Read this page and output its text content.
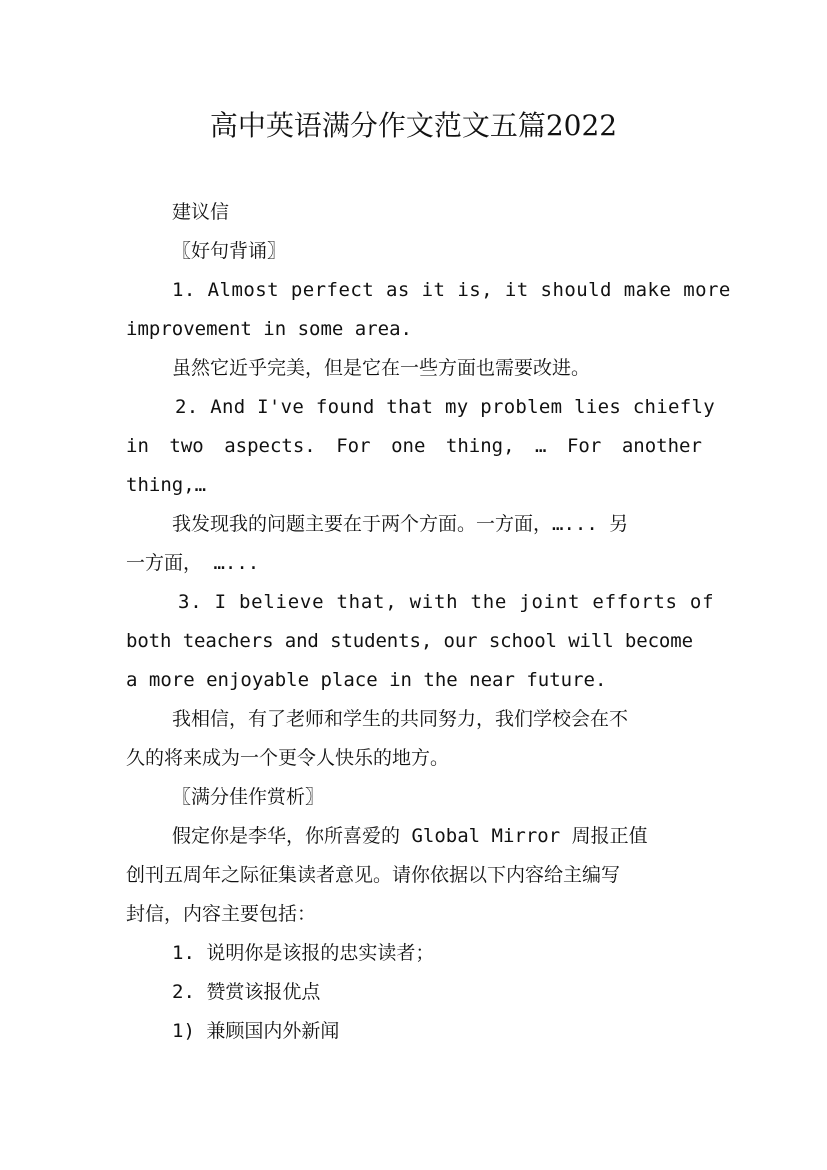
高中英语满分作文范文五篇2022
建议信
〖好句背诵〗
1. Almost perfect as it is, it should make more
improvement in some area.
虽然它近乎完美，但是它在一些方面也需要改进。
2. And I've found that my problem lies chiefly
in two aspects. For one thing, … For another
thing,…
我发现我的问题主要在于两个方面。一方面，…... 另
一方面， …...
3. I believe that, with the joint efforts of
both teachers and students, our school will become
a more enjoyable place in the near future.
我相信，有了老师和学生的共同努力，我们学校会在不
久的将来成为一个更令人快乐的地方。
〖满分佳作赏析〗
假定你是李华，你所喜爱的 Global Mirror 周报正值
创刊五周年之际征集读者意见。请你依据以下内容给主编写
封信，内容主要包括：
1. 说明你是该报的忠实读者；
2. 赞赏该报优点
1) 兼顾国内外新闻
